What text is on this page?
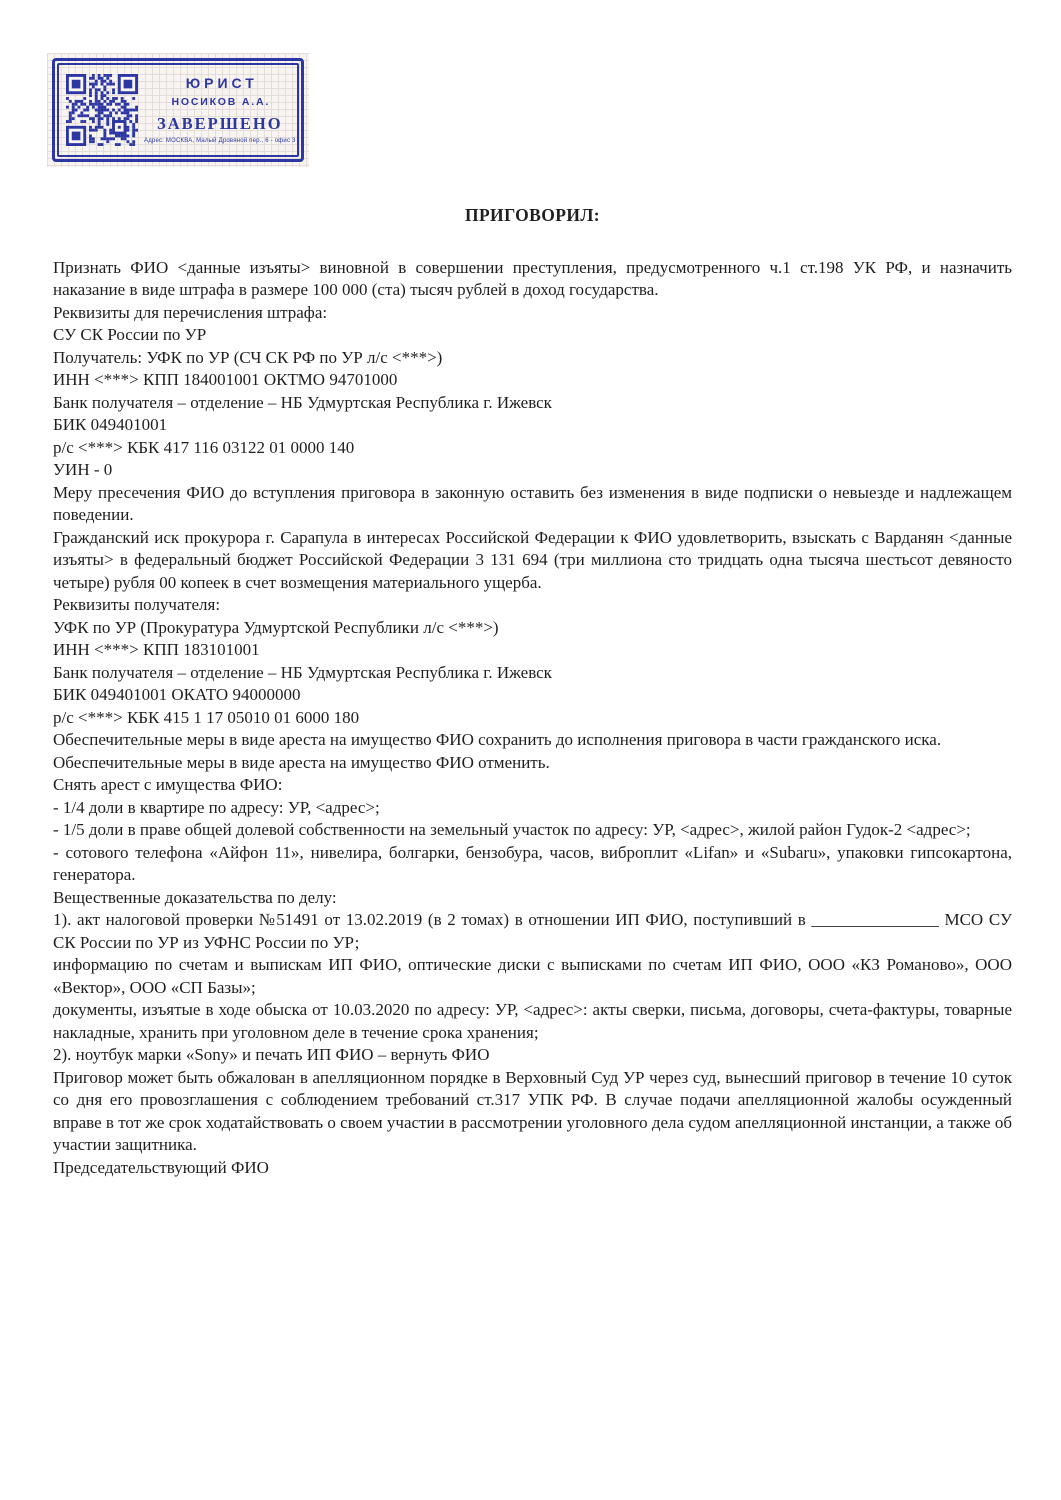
ЮРИСТ
НОСИКОВ А.А.
ЗАВЕРШЕНО
Адрес: МОСКВА, Малый Дровяной пер., 6 - офис 3
ПРИГОВОРИЛ:

Признать ФИО <данные изъяты> виновной в совершении преступления, предусмотренного ч.1 ст.198 УК РФ, и назначить наказание в виде штрафа в размере 100 000 (ста) тысяч рублей в доход государства.

Реквизиты для перечисления штрафа:

СУ СК России по УР

Получатель: УФК по УР (СЧ СК РФ по УР л/с <***>)

ИНН <***> КПП 184001001 ОКТМО 94701000

Банк получателя – отделение – НБ Удмуртская Республика г. Ижевск

БИК 049401001

р/с <***> КБК 417 116 03122 01 0000 140

УИН - 0

Меру пресечения ФИО до вступления приговора в законную оставить без изменения в виде подписки о невыезде и надлежащем поведении.

Гражданский иск прокурора г. Сарапула в интересах Российской Федерации к ФИО удовлетворить, взыскать с Варданян <данные изъяты> в федеральный бюджет Российской Федерации 3 131 694 (три миллиона сто тридцать одна тысяча шестьсот девяносто четыре) рубля 00 копеек в счет возмещения материального ущерба.

Реквизиты получателя:

УФК по УР (Прокуратура Удмуртской Республики л/с <***>)

ИНН <***> КПП 183101001

Банк получателя – отделение – НБ Удмуртская Республика г. Ижевск

БИК 049401001 ОКАТО 94000000

р/с <***> КБК 415 1 17 05010 01 6000 180

Обеспечительные меры в виде ареста на имущество ФИО сохранить до исполнения приговора в части гражданского иска.

Обеспечительные меры в виде ареста на имущество ФИО отменить.

Снять арест с имущества ФИО:

- 1/4 доли в квартире по адресу: УР, <адрес>;

- 1/5 доли в праве общей долевой собственности на земельный участок по адресу: УР, <адрес>, жилой район Гудок-2 <адрес>;

- сотового телефона «Айфон 11», нивелира, болгарки, бензобура, часов, виброплит «Lifan» и «Subaru», упаковки гипсокартона, генератора.

Вещественные доказательства по делу:

1). акт налоговой проверки №51491 от 13.02.2019 (в 2 томах) в отношении ИП ФИО, поступивший в _______________ МСО СУ СК России по УР из УФНС России по УР;

информацию по счетам и выпискам ИП ФИО, оптические диски с выписками по счетам ИП ФИО, ООО «КЗ Романово», ООО «Вектор», ООО «СП Базы»;

документы, изъятые в ходе обыска от 10.03.2020 по адресу: УР, <адрес>: акты сверки, письма, договоры, счета-фактуры, товарные накладные, хранить при уголовном деле в течение срока хранения;

2). ноутбук марки «Sony» и печать ИП ФИО – вернуть ФИО

Приговор может быть обжалован в апелляционном порядке в Верховный Суд УР через суд, вынесший приговор в течение 10 суток со дня его провозглашения с соблюдением требований ст.317 УПК РФ. В случае подачи апелляционной жалобы осужденный вправе в тот же срок ходатайствовать о своем участии в рассмотрении уголовного дела судом апелляционной инстанции, а также об участии защитника.

Председательствующий ФИО
